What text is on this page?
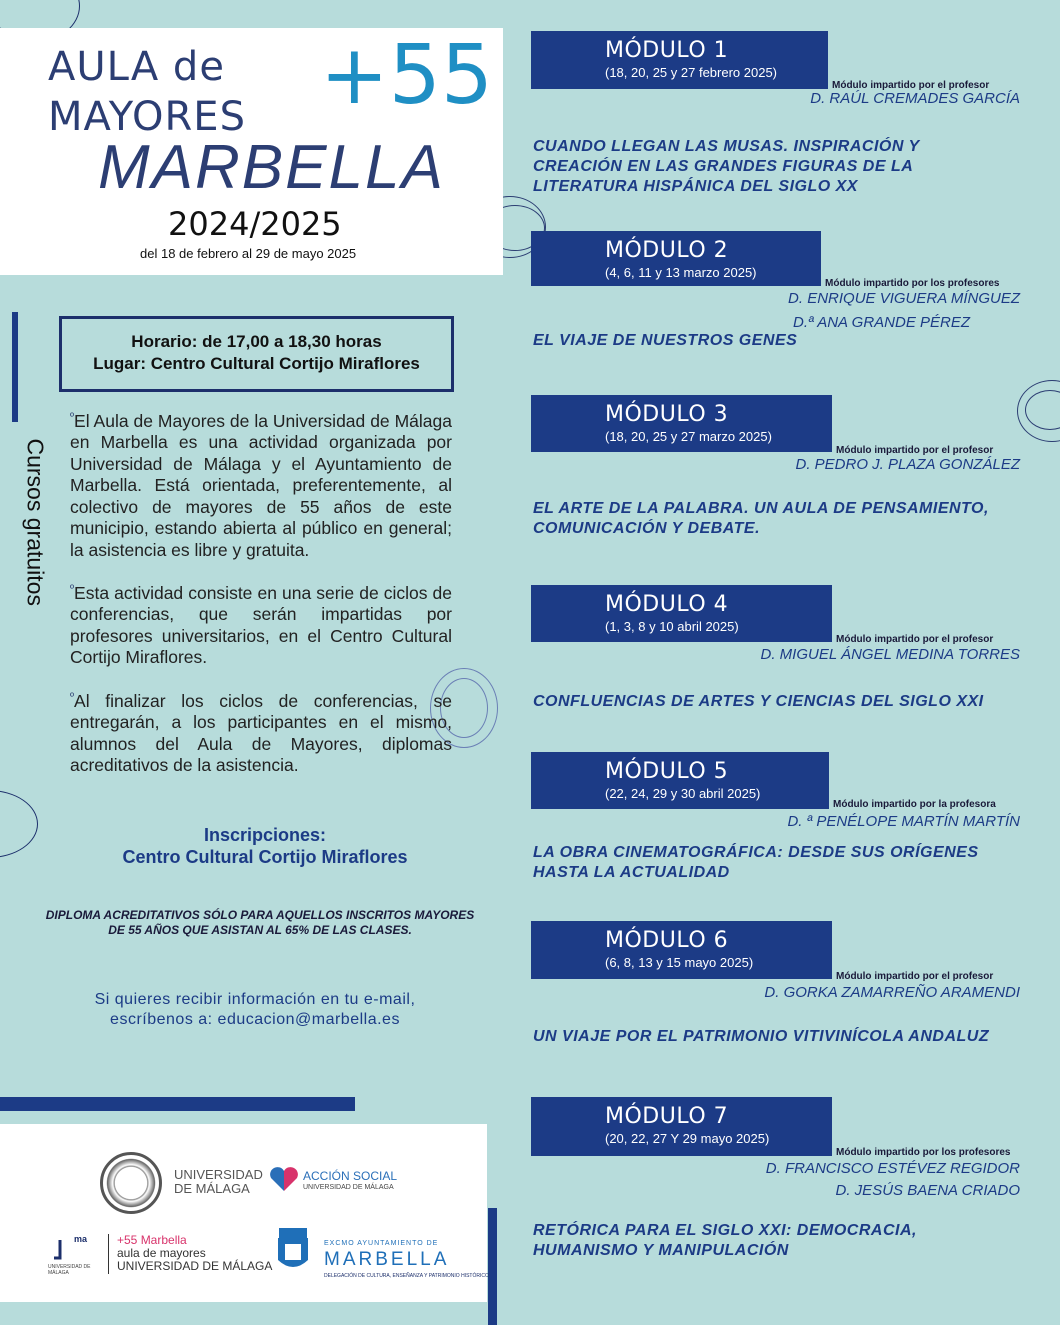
AULA de
MAYORES +55
MARBELLA
2024/2025
del 18 de febrero al 29 de mayo 2025
Cursos gratuitos
Horario: de 17,00 a 18,30 horas
Lugar: Centro Cultural Cortijo Miraflores
$^º$El Aula de Mayores de la Universidad de Málaga en Marbella es una actividad organizada por Universidad de Málaga y el Ayuntamiento de Marbella. Está orientada, preferentemente, al colectivo de mayores de 55 años de este municipio, estando abierta al público en general; la asistencia es libre y gratuita.
$^º$Esta actividad consiste en una serie de ciclos de conferencias, que serán impartidas por profesores universitarios, en el Centro Cultural Cortijo Miraflores.
$^º$Al finalizar los ciclos de conferencias, se entregarán, a los participantes en el mismo, alumnos del Aula de Mayores, diplomas acreditativos de la asistencia.
Inscripciones:
Centro Cultural Cortijo Miraflores
DIPLOMA ACREDITATIVOS SÓLO PARA AQUELLOS INSCRITOS MAYORES DE 55 AÑOS QUE ASISTAN AL 65% DE LAS CLASES.
Si quieres recibir información en tu e-mail,
escríbenos a: educacion@marbella.es
UNIVERSIDAD
DE MÁLAGA
ACCIÓN SOCIAL
UNIVERSIDAD DE MÁLAGA
ma
UNIVERSIDAD DE MÁLAGA
+55 Marbella
aula de mayores
UNIVERSIDAD DE MÁLAGA
EXCMO AYUNTAMIENTO DE
MARBELLA
DELEGACIÓN DE CULTURA, ENSEÑANZA Y PATRIMONIO HISTÓRICO
MÓDULO 1
(18, 20, 25 y 27 febrero 2025)
Módulo impartido por el profesor
D. RAÚL CREMADES GARCÍA
CUANDO LLEGAN LAS MUSAS. INSPIRACIÓN Y CREACIÓN EN LAS GRANDES FIGURAS DE LA LITERATURA HISPÁNICA DEL SIGLO XX
MÓDULO 2
(4, 6, 11 y 13 marzo 2025)
Módulo impartido por los profesores
D. ENRIQUE VIGUERA MÍNGUEZ
D.ª ANA GRANDE PÉREZ
EL VIAJE DE NUESTROS GENES
MÓDULO 3
(18, 20, 25 y 27 marzo 2025)
Módulo impartido por el profesor
D. PEDRO J. PLAZA GONZÁLEZ
EL ARTE DE LA PALABRA. UN AULA DE PENSAMIENTO, COMUNICACIÓN Y DEBATE.
MÓDULO 4
(1, 3, 8 y 10 abril 2025)
Módulo impartido por el profesor
D. MIGUEL ÁNGEL MEDINA TORRES
CONFLUENCIAS DE ARTES Y CIENCIAS DEL SIGLO XXI
MÓDULO 5
(22, 24, 29 y 30 abril 2025)
Módulo impartido por la profesora
D. ª PENÉLOPE MARTÍN MARTÍN
LA OBRA CINEMATOGRÁFICA: DESDE SUS ORÍGENES HASTA LA ACTUALIDAD
MÓDULO 6
(6, 8, 13 y 15 mayo 2025)
Módulo impartido por el profesor
D. GORKA ZAMARREÑO ARAMENDI
UN VIAJE POR EL PATRIMONIO VITIVINÍCOLA ANDALUZ
MÓDULO 7
(20, 22, 27 Y 29 mayo 2025)
Módulo impartido por los profesores
D. FRANCISCO ESTÉVEZ REGIDOR
D. JESÚS BAENA CRIADO
RETÓRICA PARA EL SIGLO XXI: DEMOCRACIA, HUMANISMO Y MANIPULACIÓN
